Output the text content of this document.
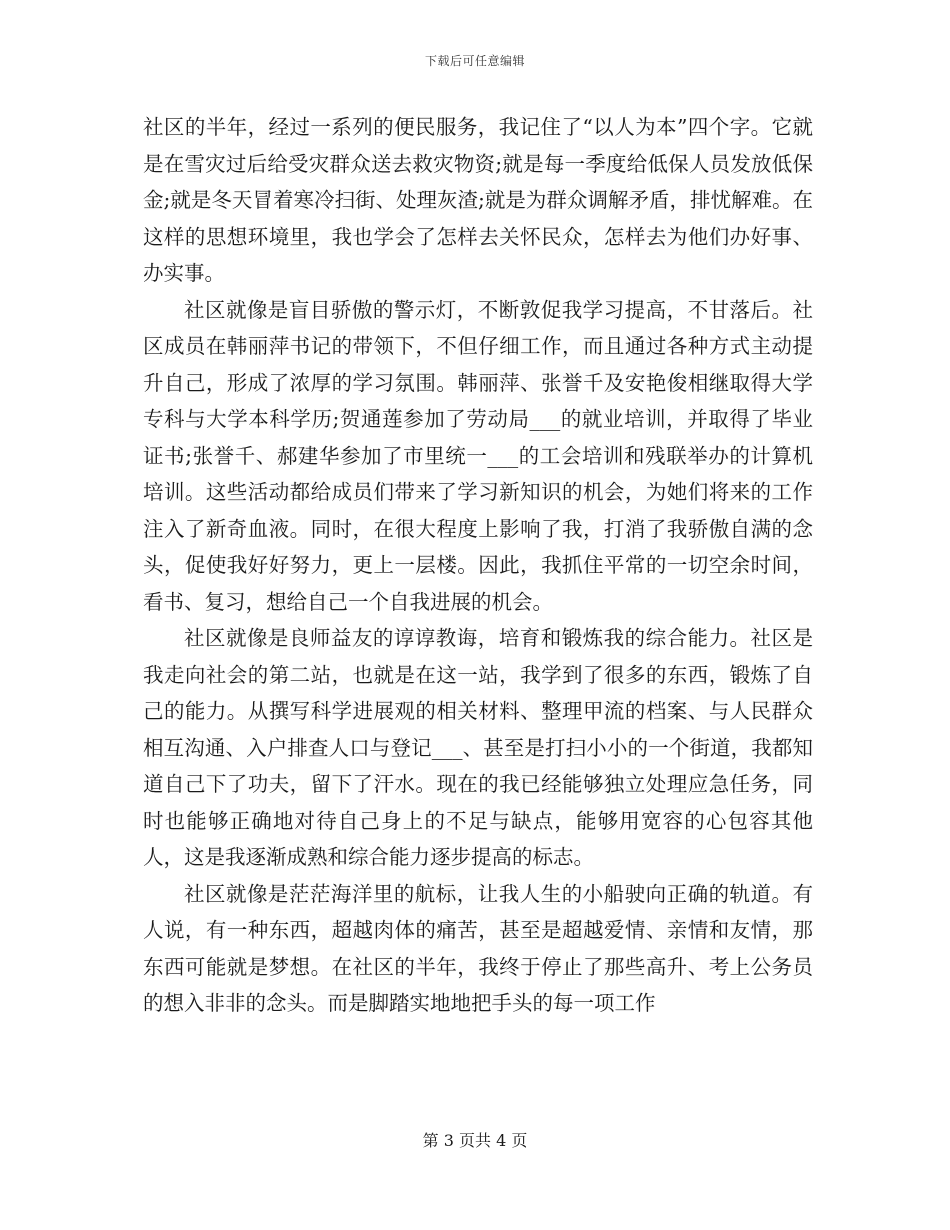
下载后可任意编辑

社区的半年，经过一系列的便民服务，我记住了“以人为本”四个字。它就是在雪灾过后给受灾群众送去救灾物资;就是每一季度给低保人员发放低保金;就是冬天冒着寒冷扫街、处理灰渣;就是为群众调解矛盾，排忧解难。在这样的思想环境里，我也学会了怎样去关怀民众，怎样去为他们办好事、办实事。

社区就像是盲目骄傲的警示灯，不断敦促我学习提高，不甘落后。社区成员在韩丽萍书记的带领下，不但仔细工作，而且通过各种方式主动提升自己，形成了浓厚的学习氛围。韩丽萍、张誉千及安艳俊相继取得大学专科与大学本科学历;贺通莲参加了劳动局___的就业培训，并取得了毕业证书;张誉千、郝建华参加了市里统一___的工会培训和残联举办的计算机培训。这些活动都给成员们带来了学习新知识的机会，为她们将来的工作注入了新奇血液。同时，在很大程度上影响了我，打消了我骄傲自满的念头，促使我好好努力，更上一层楼。因此，我抓住平常的一切空余时间，看书、复习，想给自己一个自我进展的机会。

社区就像是良师益友的谆谆教诲，培育和锻炼我的综合能力。社区是我走向社会的第二站，也就是在这一站，我学到了很多的东西，锻炼了自己的能力。从撰写科学进展观的相关材料、整理甲流的档案、与人民群众相互沟通、入户排查人口与登记___、甚至是打扫小小的一个街道，我都知道自己下了功夫，留下了汗水。现在的我已经能够独立处理应急任务，同时也能够正确地对待自己身上的不足与缺点，能够用宽容的心包容其他人，这是我逐渐成熟和综合能力逐步提高的标志。

社区就像是茫茫海洋里的航标，让我人生的小船驶向正确的轨道。有人说，有一种东西，超越肉体的痛苦，甚至是超越爱情、亲情和友情，那东西可能就是梦想。在社区的半年，我终于停止了那些高升、考上公务员的想入非非的念头。而是脚踏实地地把手头的每一项工作

第 3 页共 4 页
